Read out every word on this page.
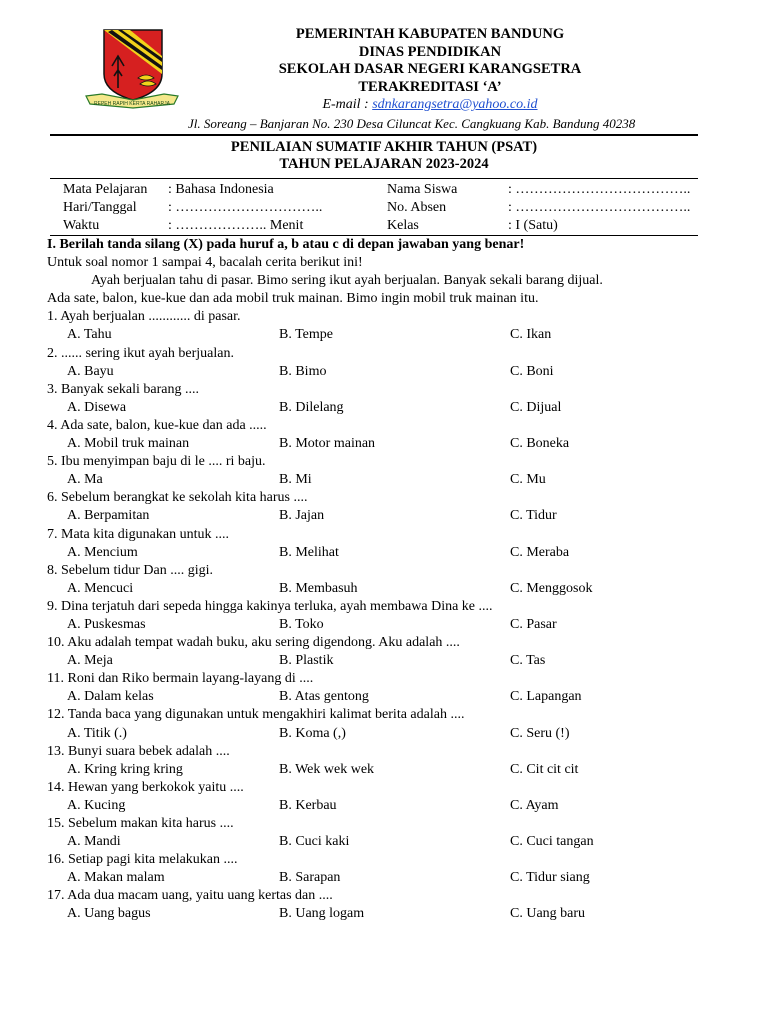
REPEH RAPIH KERTA RAHARJA
PEMERINTAH KABUPATEN BANDUNG
DINAS PENDIDIKAN
SEKOLAH DASAR NEGERI KARANGSETRA
TERAKREDITASI ‘A’
E-mail : sdnkarangsetra@yahoo.co.id
Jl. Soreang – Banjaran No. 230 Desa Ciluncat Kec. Cangkuang Kab. Bandung 40238
PENILAIAN SUMATIF AKHIR TAHUN (PSAT)
TAHUN PELAJARAN 2023-2024
Mata Pelajaran : Bahasa Indonesia	Nama Siswa	: ………………………………..
Hari/Tanggal : …………………………..	No. Absen	: ………………………………..
Waktu	: ……………….. Menit	Kelas	: I (Satu)
I. Berilah tanda silang (X) pada huruf a, b atau c di depan jawaban yang benar!
Untuk soal nomor 1 sampai 4, bacalah cerita berikut ini!
Ayah berjualan tahu di pasar. Bimo sering ikut ayah berjualan. Banyak sekali barang dijual.
Ada sate, balon, kue-kue dan ada mobil truk mainan. Bimo ingin mobil truk mainan itu.
1. Ayah berjualan ............ di pasar.
A. Tahu	B. Tempe	C. Ikan
2. ...... sering ikut ayah berjualan.
A. Bayu	B. Bimo	C. Boni
3. Banyak sekali barang ....
A. Disewa	B. Dilelang	C. Dijual
4. Ada sate, balon, kue-kue dan ada .....
A. Mobil truk mainan	B. Motor mainan	C. Boneka
5. Ibu menyimpan baju di le .... ri baju.
A. Ma	B. Mi	C. Mu
6. Sebelum berangkat ke sekolah kita harus ....
A. Berpamitan	B. Jajan	C. Tidur
7. Mata kita digunakan untuk ....
A. Mencium	B. Melihat	C. Meraba
8. Sebelum tidur Dan .... gigi.
A. Mencuci	B. Membasuh	C. Menggosok
9. Dina terjatuh dari sepeda hingga kakinya terluka, ayah membawa Dina ke ....
A. Puskesmas	B. Toko	C. Pasar
10. Aku adalah tempat wadah buku, aku sering digendong. Aku adalah ....
A. Meja	B. Plastik	C. Tas
11. Roni dan Riko bermain layang-layang di ....
A. Dalam kelas	B. Atas gentong	C. Lapangan
12. Tanda baca yang digunakan untuk mengakhiri kalimat berita adalah ....
A. Titik (.)	B. Koma (,)	C. Seru (!)
13. Bunyi suara bebek adalah ....
A. Kring kring kring	B. Wek wek wek	C. Cit cit cit
14. Hewan yang berkokok yaitu ....
A. Kucing	B. Kerbau	C. Ayam
15. Sebelum makan kita harus ....
A. Mandi	B. Cuci kaki	C. Cuci tangan
16. Setiap pagi kita melakukan ....
A. Makan malam	B. Sarapan	C. Tidur siang
17. Ada dua macam uang, yaitu uang kertas dan ....
A. Uang bagus	B. Uang logam	C. Uang baru
